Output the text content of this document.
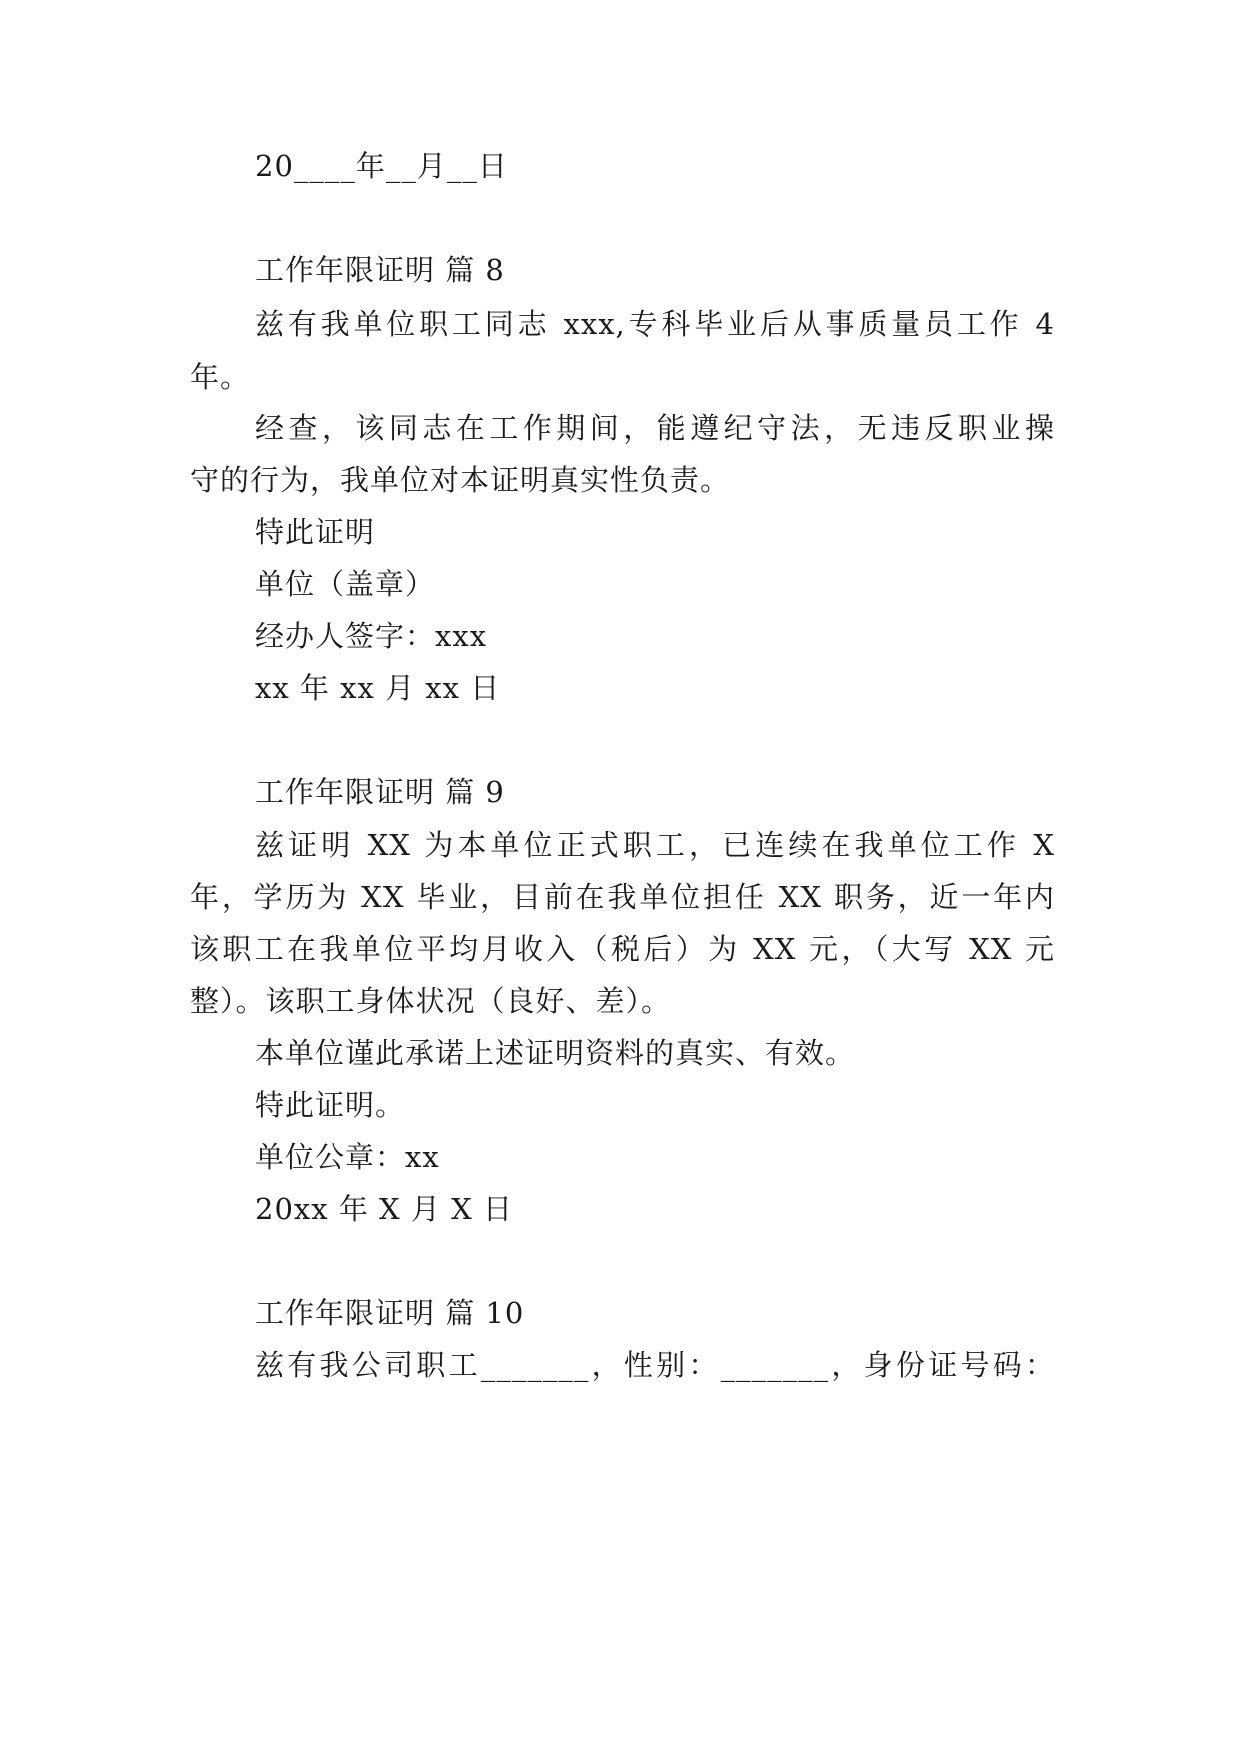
20____年__月__日
工作年限证明 篇 8
兹有我单位职工同志 xxx,专科毕业后从事质量员工作 4
年。
经查，该同志在工作期间，能遵纪守法，无违反职业操
守的行为，我单位对本证明真实性负责。
特此证明
单位（盖章）
经办人签字：xxx
xx 年 xx 月 xx 日
工作年限证明 篇 9
兹证明 XX 为本单位正式职工，已连续在我单位工作 X
年，学历为 XX 毕业，目前在我单位担任 XX 职务，近一年内
该职工在我单位平均月收入（税后）为 XX 元，（大写 XX 元
整）。该职工身体状况（良好、差）。
本单位谨此承诺上述证明资料的真实、有效。
特此证明。
单位公章：xx
20xx 年 X 月 X 日
工作年限证明 篇 10
兹有我公司职工_______，性别：_______，身份证号码：
